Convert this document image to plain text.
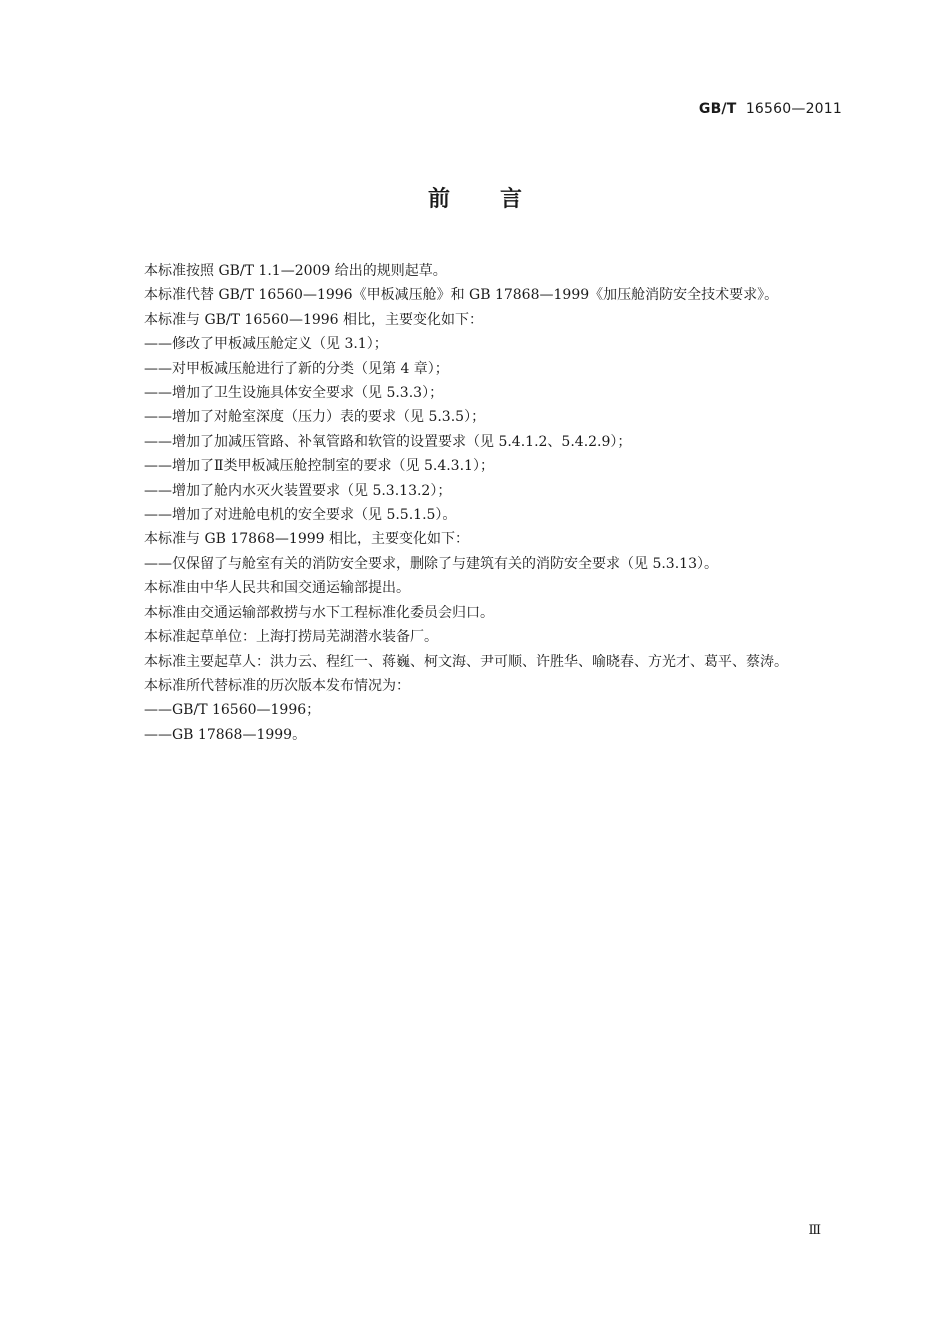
GB/T 16560—2011
前言
本标准按照 GB/T 1.1—2009 给出的规则起草。
本标准代替 GB/T 16560—1996《甲板减压舱》和 GB 17868—1999《加压舱消防安全技术要求》。
本标准与 GB/T 16560—1996 相比，主要变化如下：
——修改了甲板减压舱定义（见 3.1）；
——对甲板减压舱进行了新的分类（见第 4 章）；
——增加了卫生设施具体安全要求（见 5.3.3）；
——增加了对舱室深度（压力）表的要求（见 5.3.5）；
——增加了加减压管路、补氧管路和软管的设置要求（见 5.4.1.2、5.4.2.9）；
——增加了Ⅱ类甲板减压舱控制室的要求（见 5.4.3.1）；
——增加了舱内水灭火装置要求（见 5.3.13.2）；
——增加了对进舱电机的安全要求（见 5.5.1.5）。
本标准与 GB 17868—1999 相比，主要变化如下：
——仅保留了与舱室有关的消防安全要求，删除了与建筑有关的消防安全要求（见 5.3.13）。
本标准由中华人民共和国交通运输部提出。
本标准由交通运输部救捞与水下工程标准化委员会归口。
本标准起草单位：上海打捞局芜湖潜水装备厂。
本标准主要起草人：洪力云、程红一、蒋巍、柯文海、尹可顺、许胜华、喻晓春、方光才、葛平、蔡涛。
本标准所代替标准的历次版本发布情况为：
——GB/T 16560—1996；
——GB 17868—1999。
Ⅲ
